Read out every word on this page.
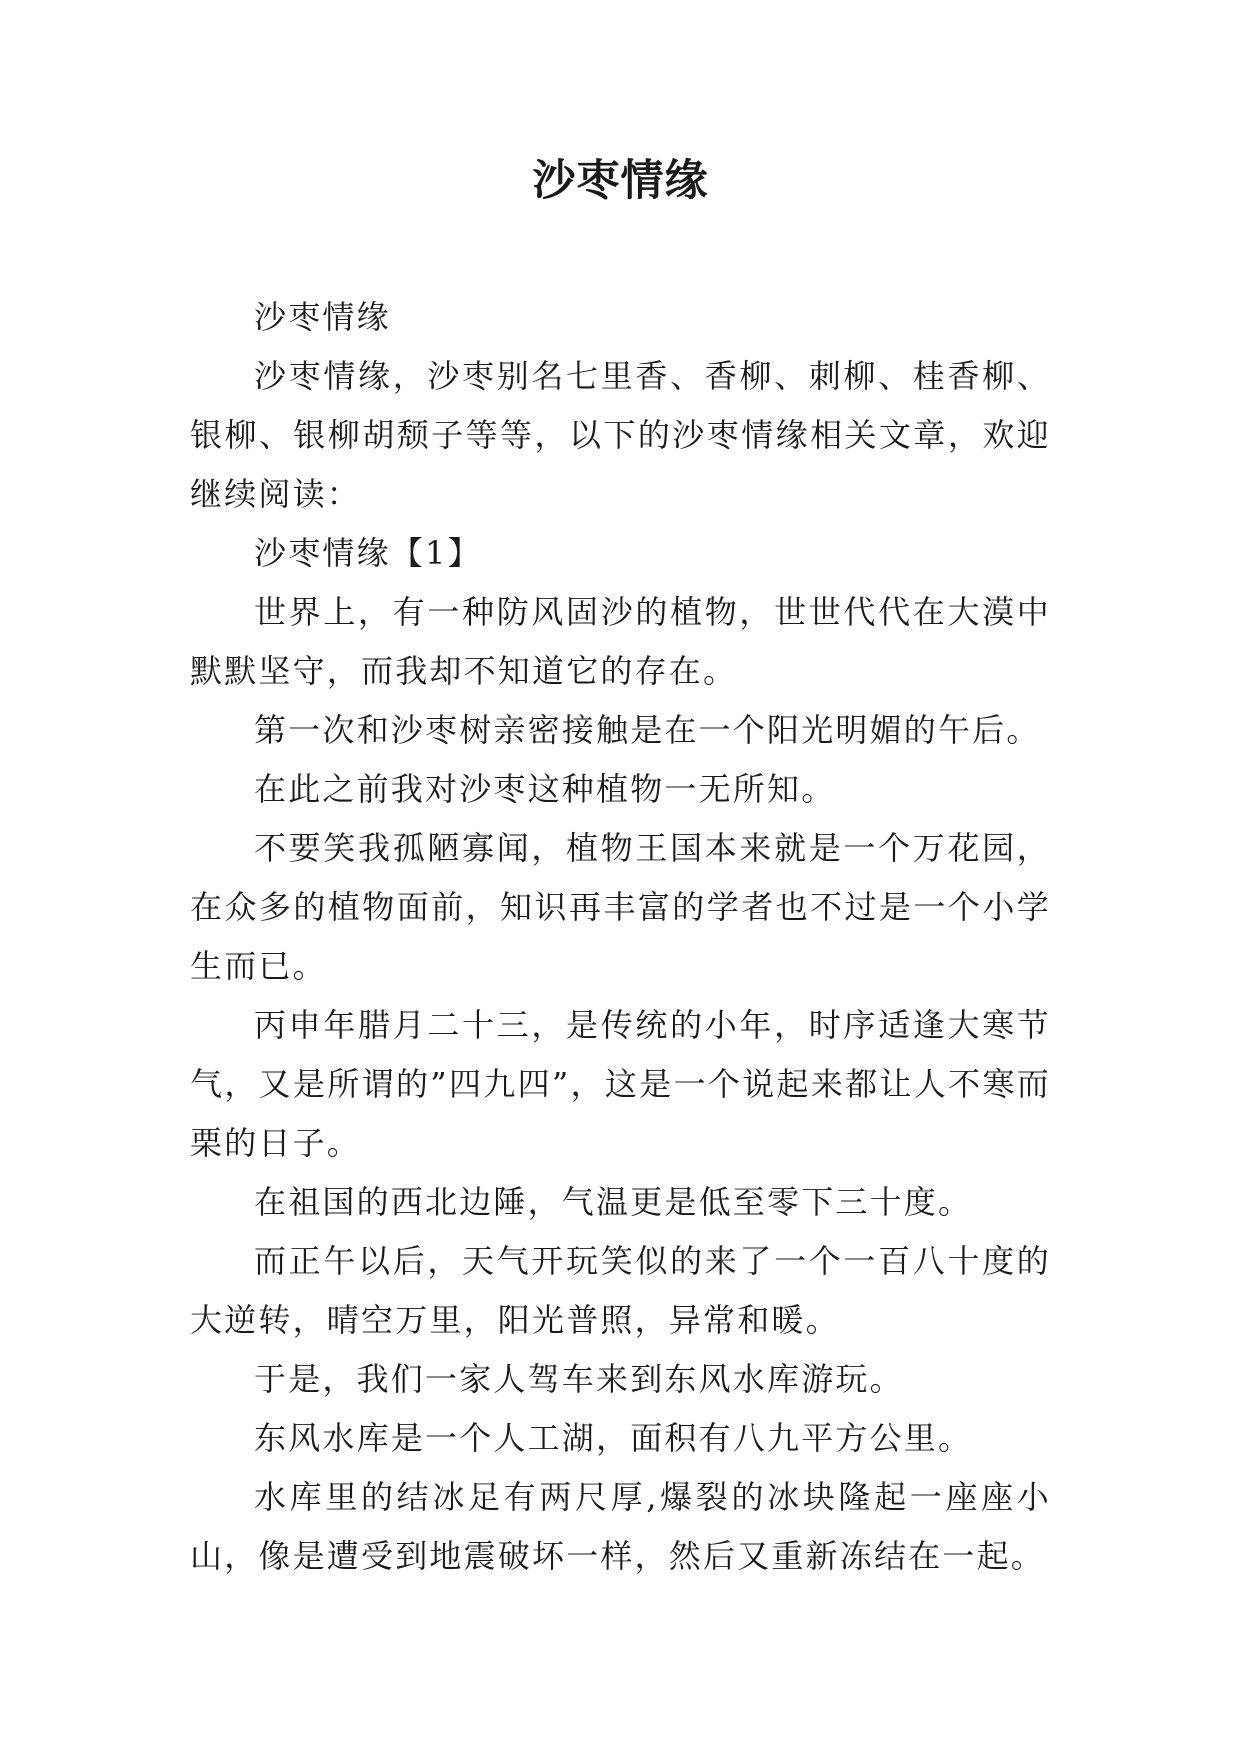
沙枣情缘

沙枣情缘

沙枣情缘，沙枣别名七里香、香柳、刺柳、桂香柳、银柳、银柳胡颓子等等，以下的沙枣情缘相关文章，欢迎继续阅读：

沙枣情缘【1】

世界上，有一种防风固沙的植物，世世代代在大漠中默默坚守，而我却不知道它的存在。

第一次和沙枣树亲密接触是在一个阳光明媚的午后。

在此之前我对沙枣这种植物一无所知。

不要笑我孤陋寡闻，植物王国本来就是一个万花园，在众多的植物面前，知识再丰富的学者也不过是一个小学生而已。

丙申年腊月二十三，是传统的小年，时序适逢大寒节气，又是所谓的”四九四”，这是一个说起来都让人不寒而栗的日子。

在祖国的西北边陲，气温更是低至零下三十度。

而正午以后，天气开玩笑似的来了一个一百八十度的大逆转，晴空万里，阳光普照，异常和暖。

于是，我们一家人驾车来到东风水库游玩。

东风水库是一个人工湖，面积有八九平方公里。

水库里的结冰足有两尺厚,爆裂的冰块隆起一座座小山，像是遭受到地震破坏一样，然后又重新冻结在一起。
